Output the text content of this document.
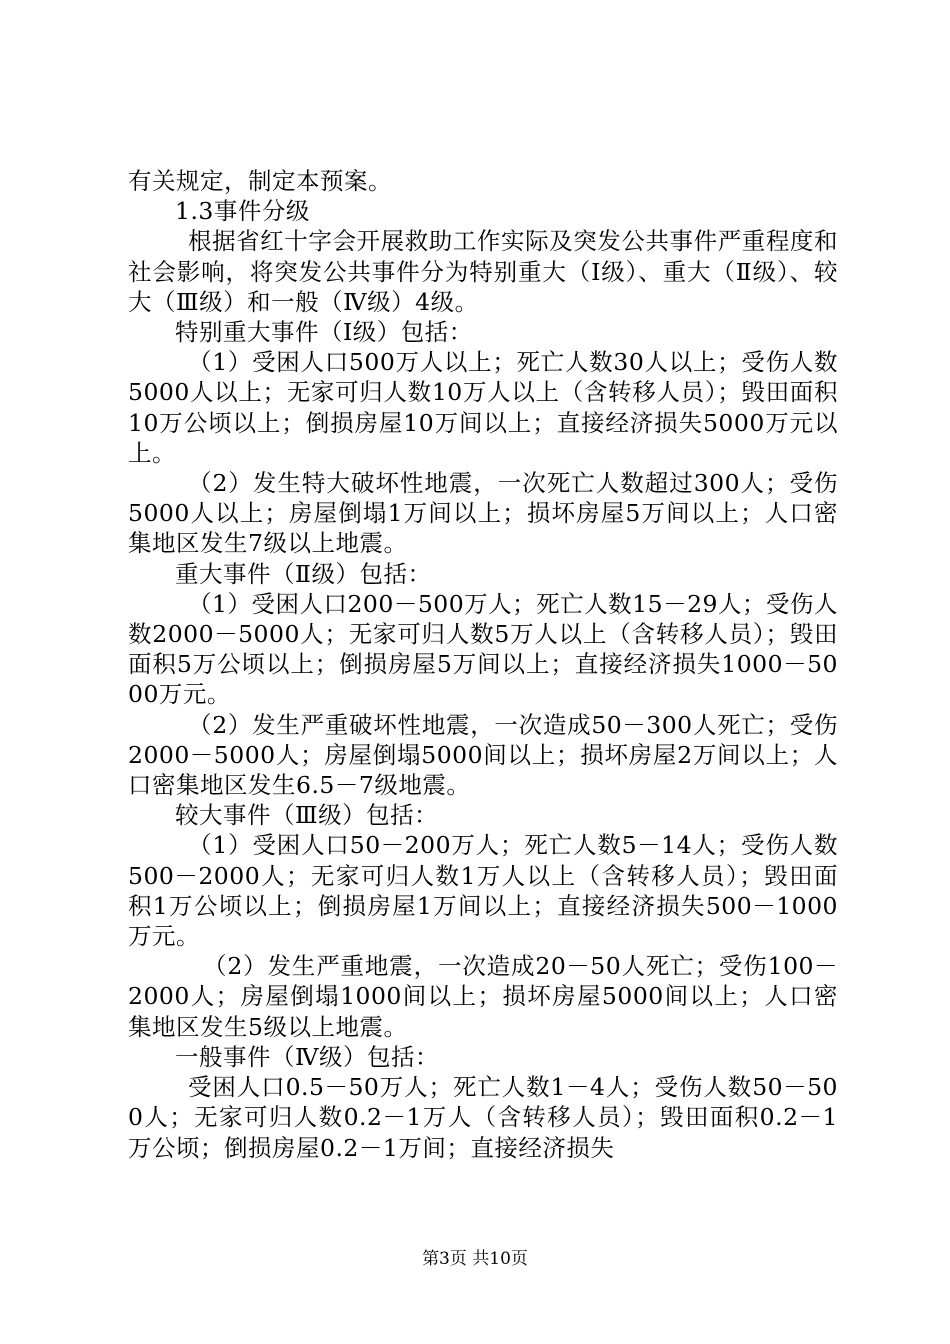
有关规定，制定本预案。

1.3事件分级

根据省红十字会开展救助工作实际及突发公共事件严重程度和社会影响，将突发公共事件分为特别重大（Ⅰ级）、重大（Ⅱ级）、较大（Ⅲ级）和一般（Ⅳ级）4级。

特别重大事件（Ⅰ级）包括：

（1）受困人口500万人以上；死亡人数30人以上；受伤人数5000人以上；无家可归人数10万人以上（含转移人员）；毁田面积10万公顷以上；倒损房屋10万间以上；直接经济损失5000万元以上。

（2）发生特大破坏性地震，一次死亡人数超过300人；受伤5000人以上；房屋倒塌1万间以上；损坏房屋5万间以上；人口密集地区发生7级以上地震。

重大事件（Ⅱ级）包括：

（1）受困人口200－500万人；死亡人数15－29人；受伤人数2000－5000人；无家可归人数5万人以上（含转移人员）；毁田面积5万公顷以上；倒损房屋5万间以上；直接经济损失1000－5000万元。

（2）发生严重破坏性地震，一次造成50－300人死亡；受伤2000－5000人；房屋倒塌5000间以上；损坏房屋2万间以上；人口密集地区发生6.5－7级地震。

较大事件（Ⅲ级）包括：

（1）受困人口50－200万人；死亡人数5－14人；受伤人数500－2000人；无家可归人数1万人以上（含转移人员）；毁田面积1万公顷以上；倒损房屋1万间以上；直接经济损失500－1000万元。

（2）发生严重地震，一次造成20－50人死亡；受伤100－2000人；房屋倒塌1000间以上；损坏房屋5000间以上；人口密集地区发生5级以上地震。

一般事件（Ⅳ级）包括：

受困人口0.5－50万人；死亡人数1－4人；受伤人数50－500人；无家可归人数0.2－1万人（含转移人员）；毁田面积0.2－1万公顷；倒损房屋0.2－1万间；直接经济损失

第3页 共10页
